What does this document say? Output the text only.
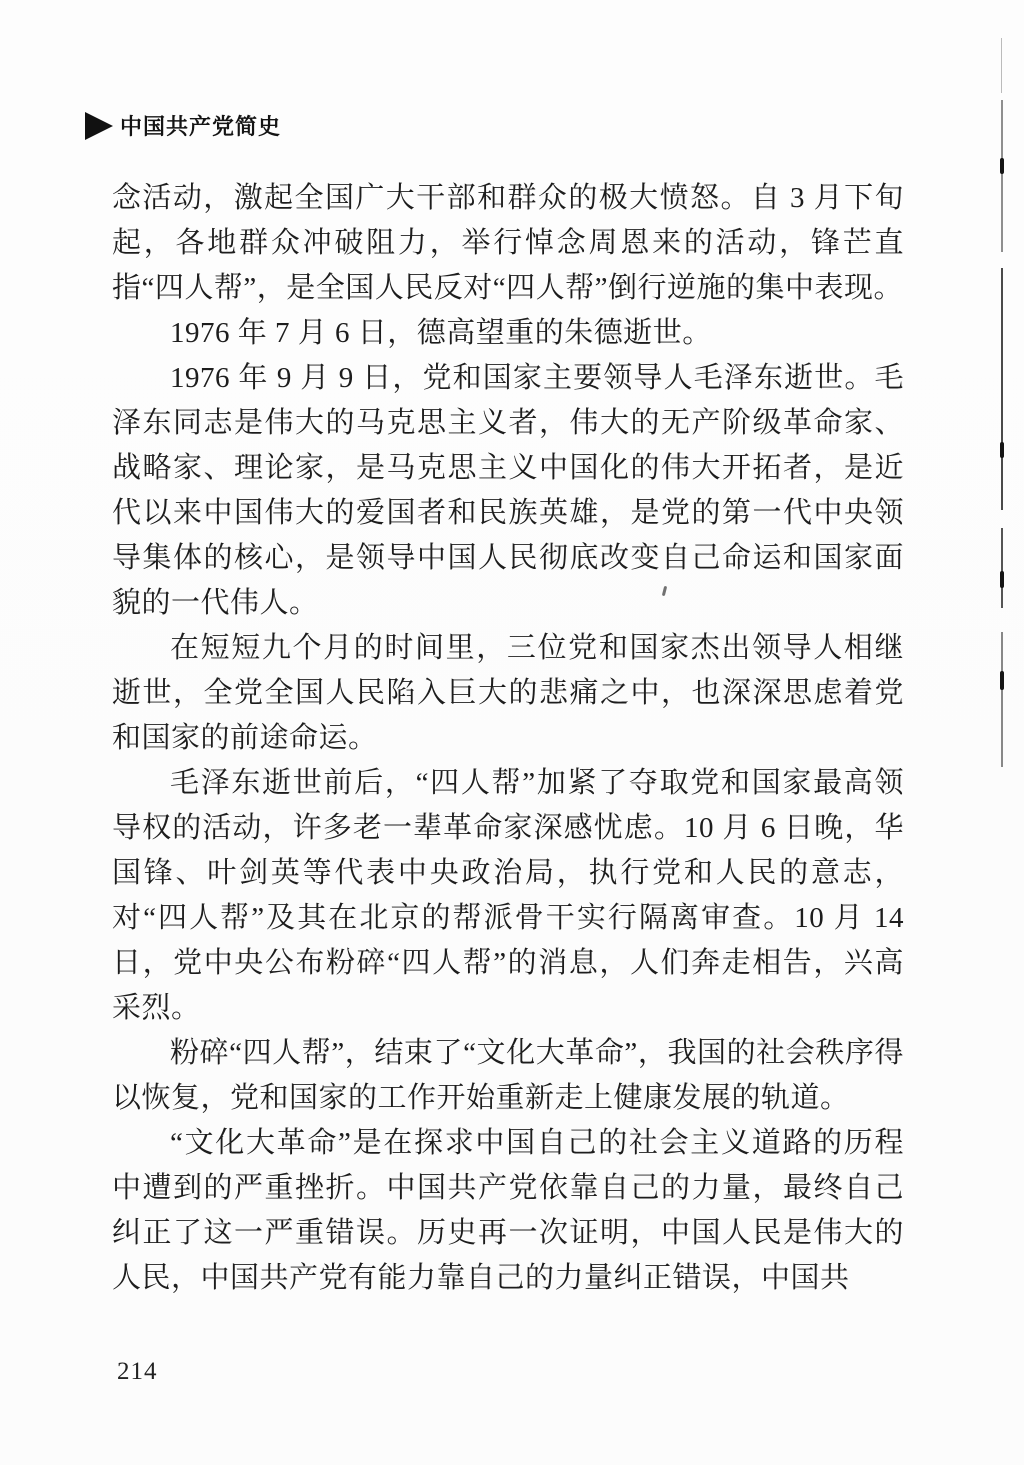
中国共产党简史

念活动，激起全国广大干部和群众的极大愤怒。自 3 月下旬起，各地群众冲破阻力，举行悼念周恩来的活动，锋芒直指“四人帮”，是全国人民反对“四人帮”倒行逆施的集中表现。

1976 年 7 月 6 日，德高望重的朱德逝世。

1976 年 9 月 9 日，党和国家主要领导人毛泽东逝世。毛泽东同志是伟大的马克思主义者，伟大的无产阶级革命家、战略家、理论家，是马克思主义中国化的伟大开拓者，是近代以来中国伟大的爱国者和民族英雄，是党的第一代中央领导集体的核心，是领导中国人民彻底改变自己命运和国家面貌的一代伟人。

在短短九个月的时间里，三位党和国家杰出领导人相继逝世，全党全国人民陷入巨大的悲痛之中，也深深思虑着党和国家的前途命运。

毛泽东逝世前后，“四人帮”加紧了夺取党和国家最高领导权的活动，许多老一辈革命家深感忧虑。10 月 6 日晚，华国锋、叶剑英等代表中央政治局，执行党和人民的意志，对“四人帮”及其在北京的帮派骨干实行隔离审查。10 月 14 日，党中央公布粉碎“四人帮”的消息，人们奔走相告，兴高采烈。

粉碎“四人帮”，结束了“文化大革命”，我国的社会秩序得以恢复，党和国家的工作开始重新走上健康发展的轨道。

“文化大革命”是在探求中国自己的社会主义道路的历程中遭到的严重挫折。中国共产党依靠自己的力量，最终自己纠正了这一严重错误。历史再一次证明，中国人民是伟大的人民，中国共产党有能力靠自己的力量纠正错误，中国共

214
